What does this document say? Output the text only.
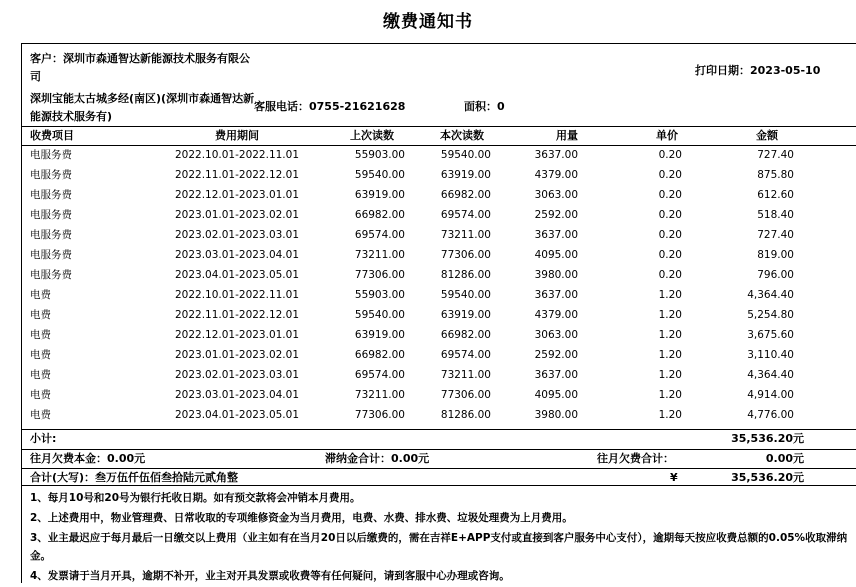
缴费通知书
客户：深圳市森通智达新能源技术服务有限公司
深圳宝能太古城多经(南区)(深圳市森通智达新能源技术服务有)
客服电话：0755-21621628	面积：0
打印日期：2023-05-10
收费项目	费用期间	上次读数	本次读数	用量	单价	金额
电服务费	2022.10.01-2022.11.01	55903.00	59540.00	3637.00	0.20	727.40
电服务费	2022.11.01-2022.12.01	59540.00	63919.00	4379.00	0.20	875.80
电服务费	2022.12.01-2023.01.01	63919.00	66982.00	3063.00	0.20	612.60
电服务费	2023.01.01-2023.02.01	66982.00	69574.00	2592.00	0.20	518.40
电服务费	2023.02.01-2023.03.01	69574.00	73211.00	3637.00	0.20	727.40
电服务费	2023.03.01-2023.04.01	73211.00	77306.00	4095.00	0.20	819.00
电服务费	2023.04.01-2023.05.01	77306.00	81286.00	3980.00	0.20	796.00
电费	2022.10.01-2022.11.01	55903.00	59540.00	3637.00	1.20	4,364.40
电费	2022.11.01-2022.12.01	59540.00	63919.00	4379.00	1.20	5,254.80
电费	2022.12.01-2023.01.01	63919.00	66982.00	3063.00	1.20	3,675.60
电费	2023.01.01-2023.02.01	66982.00	69574.00	2592.00	1.20	3,110.40
电费	2023.02.01-2023.03.01	69574.00	73211.00	3637.00	1.20	4,364.40
电费	2023.03.01-2023.04.01	73211.00	77306.00	4095.00	1.20	4,914.00
电费	2023.04.01-2023.05.01	77306.00	81286.00	3980.00	1.20	4,776.00
小计:	35,536.20元
往月欠费本金：0.00元	滞纳金合计：0.00元	往月欠费合计：	0.00元
合计(大写)：叁万伍仟伍佰叁拾陆元贰角整	¥	35,536.20元
1、每月10号和20号为银行托收日期。如有预交款将会冲销本月费用。
2、上述费用中，物业管理费、日常收取的专项维修资金为当月费用，电费、水费、排水费、垃圾处理费为上月费用。
3、业主最迟应于每月最后一日缴交以上费用（业主如有在当月20日以后缴费的，需在吉祥E+APP支付或直接到客户服务中心支付），逾期每天按应收费总额的0.05%收取滞纳金。
4、发票请于当月开具，逾期不补开，业主对开具发票或收费等有任何疑问，请到客服中心办理或咨询。
